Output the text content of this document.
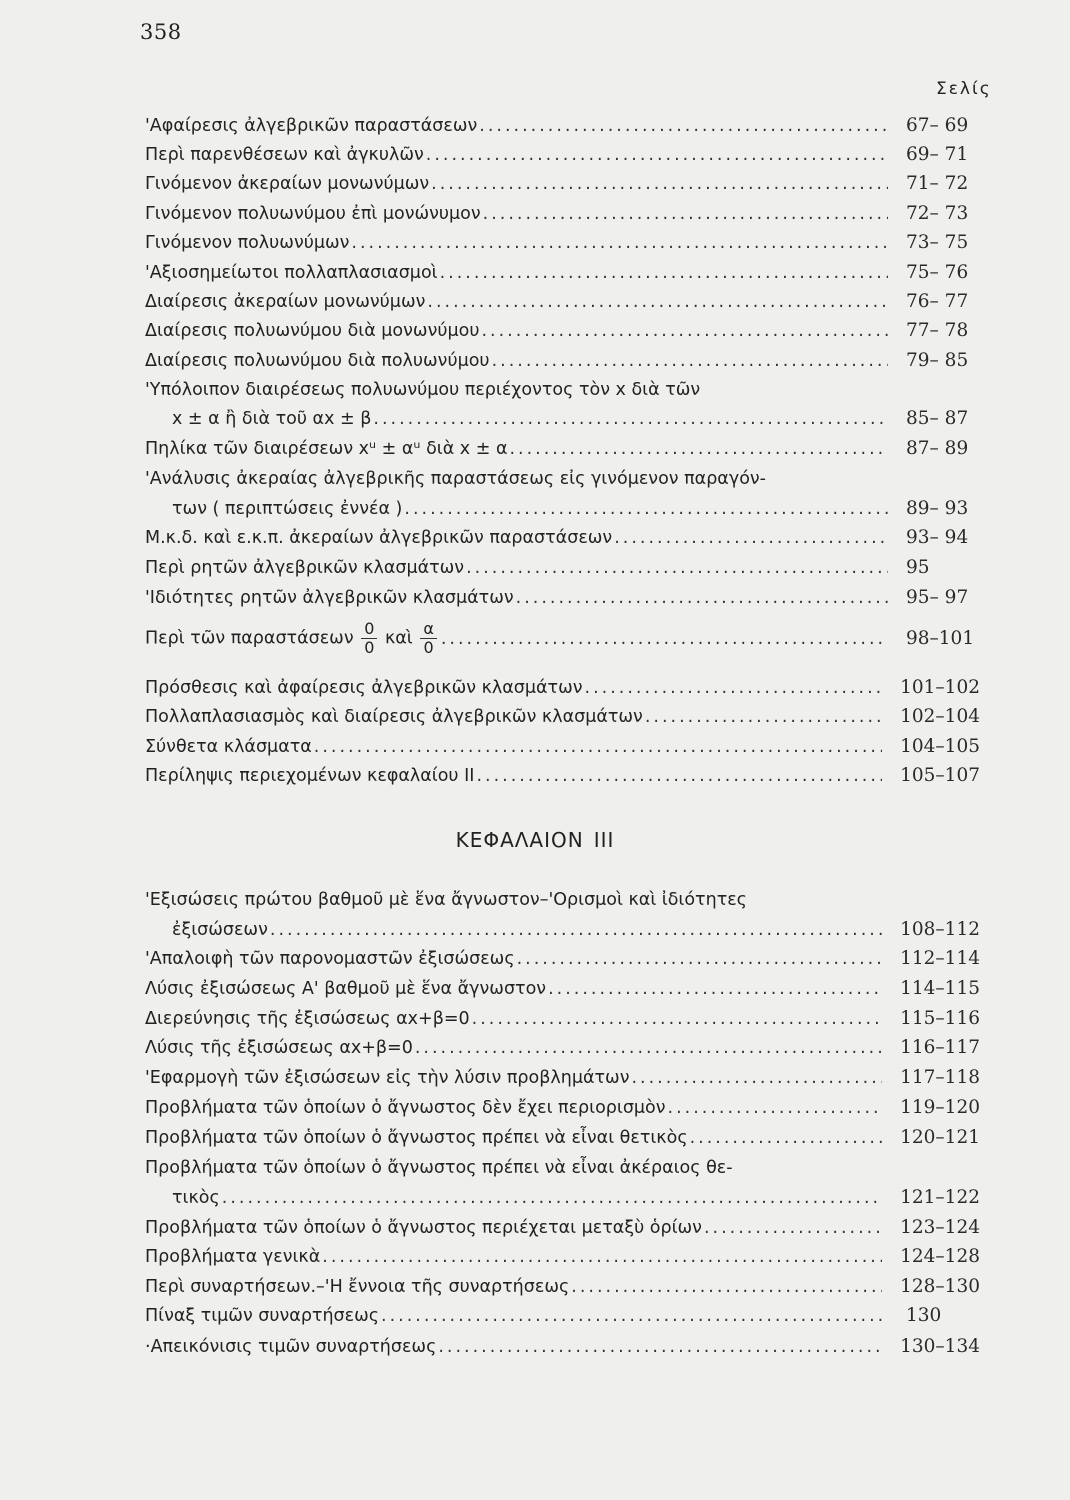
358
Σελίς
'Αφαίρεσις ἀλγεβρικῶν παραστάσεων .....	67– 69
Περὶ παρενθέσεων καὶ ἀγκυλῶν .....	69– 71
Γινόμενον ἀκεραίων μονωνύμων .....	71– 72
Γινόμενον πολυωνύμου ἐπὶ μονώνυμον .....	72– 73
Γινόμενον πολυωνύμων .....	73– 75
'Αξιοσημείωτοι πολλαπλασιασμοὶ .....	75– 76
Διαίρεσις ἀκεραίων μονωνύμων .....	76– 77
Διαίρεσις πολυωνύμου διὰ μονωνύμου .....	77– 78
Διαίρεσις πολυωνύμου διὰ πολυωνύμου .....	79– 85
'Υπόλοιπον διαιρέσεως πολυωνύμου περιέχοντος τὸν x διὰ τῶν
x ± α ἢ διὰ τοῦ αx ± β .....	85– 87
Πηλίκα τῶν διαιρέσεων xᵘ ± αᵘ διὰ x ± α .....	87– 89
'Ανάλυσις ἀκεραίας ἀλγεβρικῆς παραστάσεως εἰς γινόμενον παραγόν-
των ( περιπτώσεις ἐννέα ) .....	89– 93
Μ.κ.δ. καὶ ε.κ.π. ἀκεραίων ἀλγεβρικῶν παραστάσεων .....	93– 94
Περὶ ρητῶν ἀλγεβρικῶν κλασμάτων .....	95
'Ιδιότητες ρητῶν ἀλγεβρικῶν κλασμάτων .....	95– 97
Περὶ τῶν παραστάσεων $\frac{0}{0}$ καὶ $\frac{\alpha}{0}$ .....	98–101
Πρόσθεσις καὶ ἀφαίρεσις ἀλγεβρικῶν κλασμάτων .....	101–102
Πολλαπλασιασμὸς καὶ διαίρεσις ἀλγεβρικῶν κλασμάτων .....	102–104
Σύνθετα κλάσματα .....	104–105
Περίληψις περιεχομένων κεφαλαίου II .....	105–107
ΚΕΦΑΛΑΙΟΝ III
'Εξισώσεις πρώτου βαθμοῦ μὲ ἕνα ἄγνωστον–'Ορισμοὶ καὶ ἰδιότητες
ἐξισώσεων .....	108–112
'Απαλοιφὴ τῶν παρονομαστῶν ἐξισώσεως .....	112–114
Λύσις ἐξισώσεως Α' βαθμοῦ μὲ ἕνα ἄγνωστον .....	114–115
Διερεύνησις τῆς ἐξισώσεως αx+β=0 .....	115–116
Λύσις τῆς ἐξισώσεως αx+β=0 .....	116–117
'Εφαρμογὴ τῶν ἐξισώσεων εἰς τὴν λύσιν προβλημάτων .....	117–118
Προβλήματα τῶν ὁποίων ὁ ἄγνωστος δὲν ἔχει περιορισμὸν .....	119–120
Προβλήματα τῶν ὁποίων ὁ ἄγνωστος πρέπει νὰ εἶναι θετικὸς .....	120–121
Προβλήματα τῶν ὁποίων ὁ ἄγνωστος πρέπει νὰ εἶναι ἀκέραιος θε-
τικὸς .....	121–122
Προβλήματα τῶν ὁποίων ὁ ἄγνωστος περιέχεται μεταξὺ ὁρίων .....	123–124
Προβλήματα γενικὰ .....	124–128
Περὶ συναρτήσεων.–'Η ἔννοια τῆς συναρτήσεως .....	128–130
Πίναξ τιμῶν συναρτήσεως .....	130
·Απεικόνισις τιμῶν συναρτήσεως .....	130–134
